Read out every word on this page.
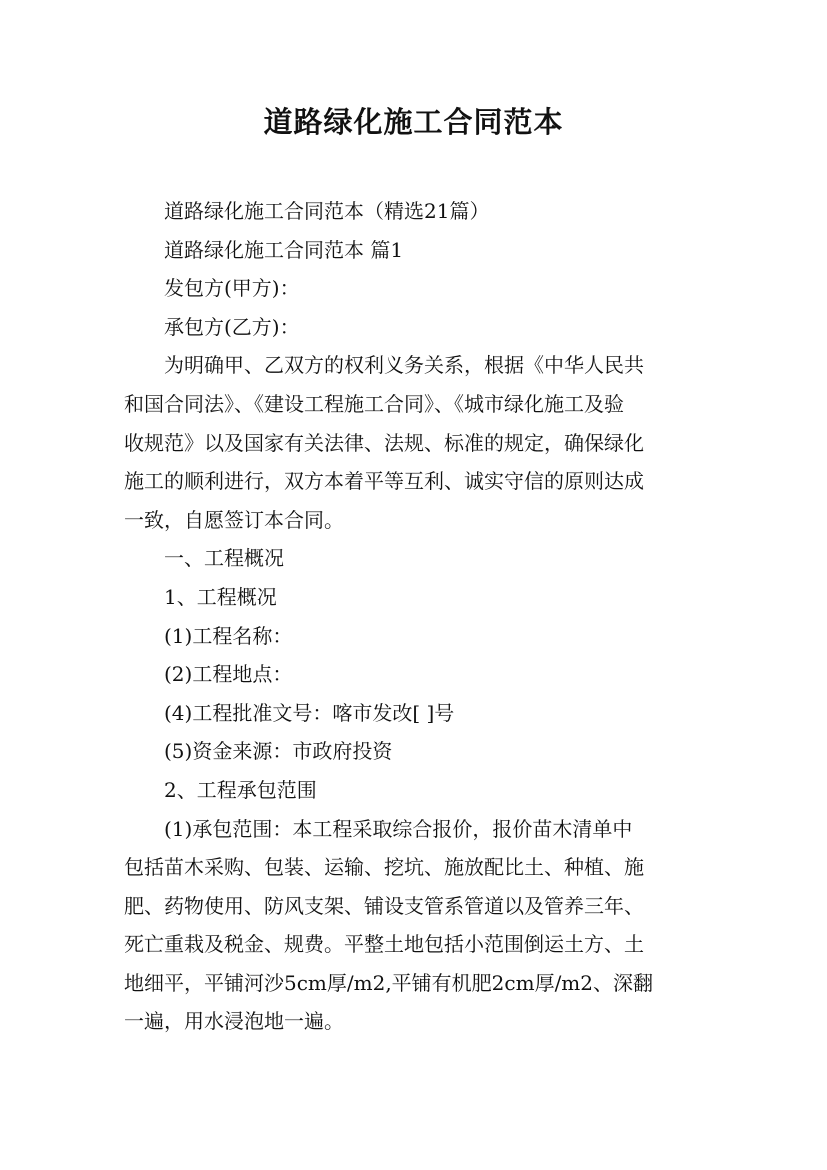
道路绿化施工合同范本

道路绿化施工合同范本（精选21篇）

道路绿化施工合同范本 篇1

发包方(甲方)：

承包方(乙方)：

为明确甲、乙双方的权利义务关系，根据《中华人民共
和国合同法》、《建设工程施工合同》、《城市绿化施工及验
收规范》以及国家有关法律、法规、标准的规定，确保绿化
施工的顺利进行，双方本着平等互利、诚实守信的原则达成
一致，自愿签订本合同。

一、工程概况

1、工程概况

(1)工程名称：

(2)工程地点：

(4)工程批准文号：喀市发改[ ]号

(5)资金来源：市政府投资

2、工程承包范围

(1)承包范围：本工程采取综合报价，报价苗木清单中
包括苗木采购、包装、运输、挖坑、施放配比土、种植、施
肥、药物使用、防风支架、铺设支管系管道以及管养三年、
死亡重栽及税金、规费。平整土地包括小范围倒运土方、土
地细平，平铺河沙5cm厚/m2,平铺有机肥2cm厚/m2、深翻
一遍，用水浸泡地一遍。
